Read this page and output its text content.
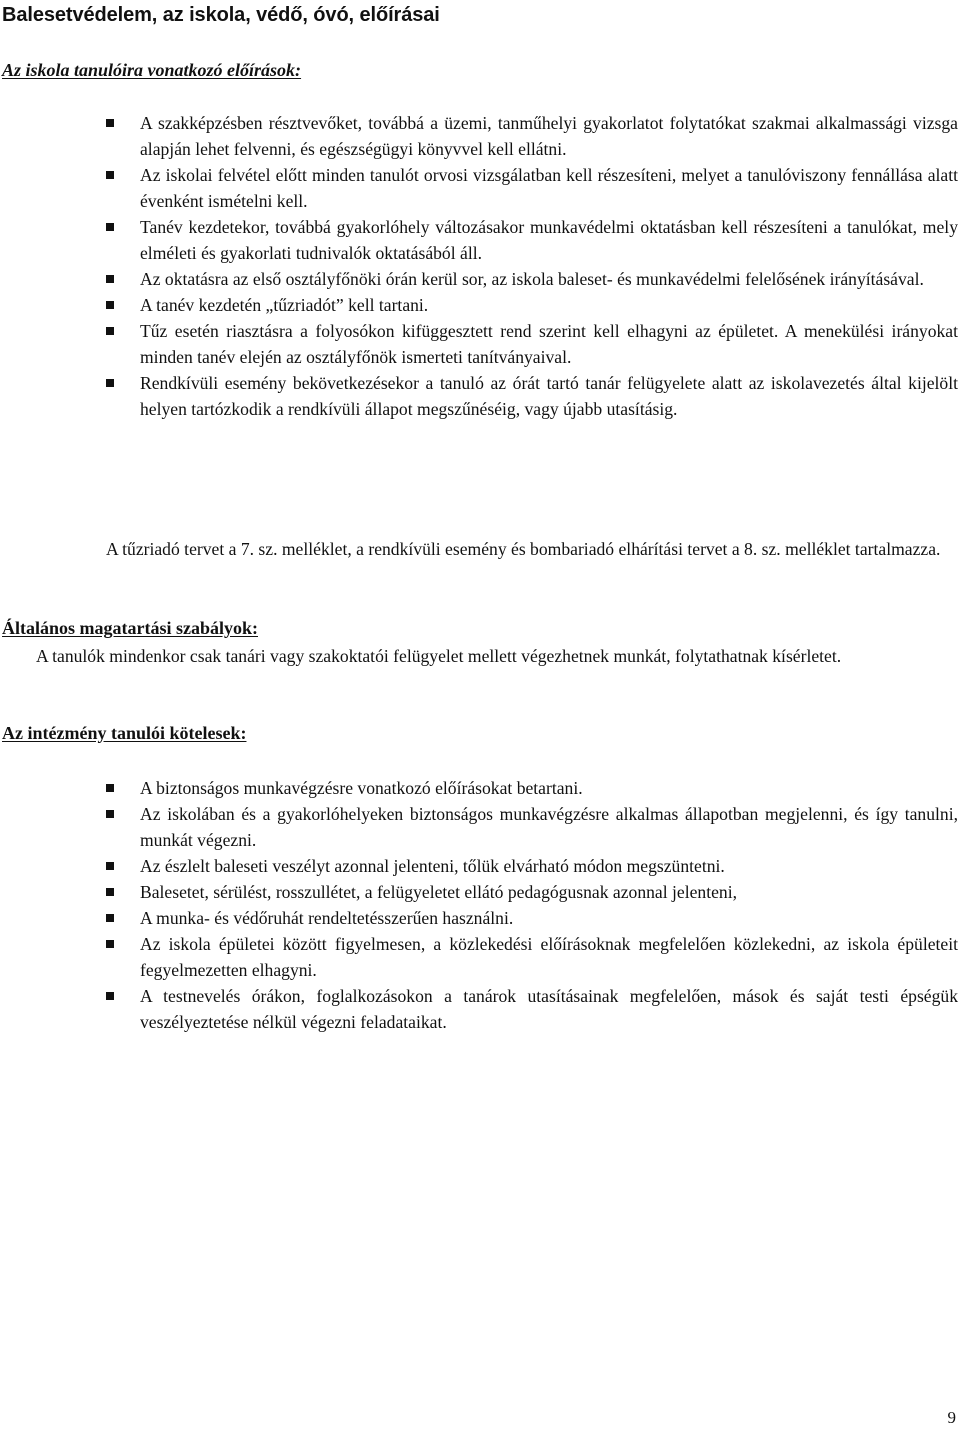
Balesetvédelem, az iskola, védő, óvó, előírásai
Az iskola tanulóira vonatkozó előírások:
A szakképzésben résztvevőket, továbbá a üzemi, tanműhelyi gyakorlatot folytatókat szakmai alkalmassági vizsga alapján lehet felvenni, és egészségügyi könyvvel kell ellátni.
Az iskolai felvétel előtt minden tanulót orvosi vizsgálatban kell részesíteni, melyet a tanulóviszony fennállása alatt évenként ismételni kell.
Tanév kezdetekor, továbbá gyakorlóhely változásakor munkavédelmi oktatásban kell részesíteni a tanulókat, mely elméleti és gyakorlati tudnivalók oktatásából áll.
Az oktatásra az első osztályfőnöki órán kerül sor, az iskola baleset- és munkavédelmi felelősének irányításával.
A tanév kezdetén „tűzriadót” kell tartani.
Tűz esetén riasztásra a folyosókon kifüggesztett rend szerint kell elhagyni az épületet. A menekülési irányokat minden tanév elején az osztályfőnök ismerteti tanítványaival.
Rendkívüli esemény bekövetkezésekor a tanuló az órát tartó tanár felügyelete alatt az iskolavezetés által kijelölt helyen tartózkodik a rendkívüli állapot megszűnéséig, vagy újabb utasításig.

A tűzriadó tervet a 7. sz. melléklet, a rendkívüli esemény és bombariadó elhárítási tervet a 8. sz. melléklet tartalmazza.

Általános magatartási szabályok:

A tanulók mindenkor csak tanári vagy szakoktatói felügyelet mellett végezhetnek munkát, folytathatnak kísérletet.

Az intézmény tanulói kötelesek:
A biztonságos munkavégzésre vonatkozó előírásokat betartani.
Az iskolában és a gyakorlóhelyeken biztonságos munkavégzésre alkalmas állapotban megjelenni, és így tanulni, munkát végezni.
Az észlelt baleseti veszélyt azonnal jelenteni, tőlük elvárható módon megszüntetni.
Balesetet, sérülést, rosszullétet, a felügyeletet ellátó pedagógusnak azonnal jelenteni,
A munka- és védőruhát rendeltetésszerűen használni.
Az iskola épületei között figyelmesen, a közlekedési előírásoknak megfelelően közlekedni, az iskola épületeit fegyelmezetten elhagyni.
A testnevelés órákon, foglalkozásokon a tanárok utasításainak megfelelően, mások és saját testi épségük veszélyeztetése nélkül végezni feladataikat.
9
